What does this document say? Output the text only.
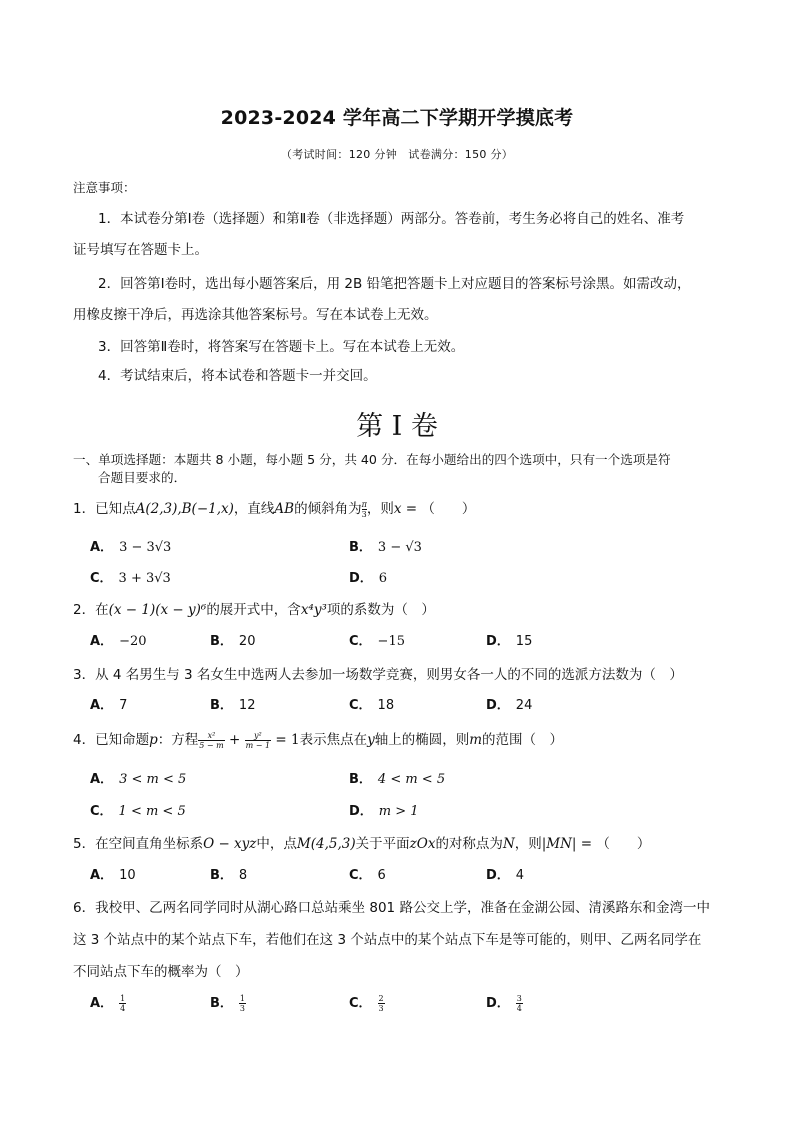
2023-2024 学年高二下学期开学摸底考
（考试时间：120 分钟　试卷满分：150 分）
注意事项：
1．本试卷分第Ⅰ卷（选择题）和第Ⅱ卷（非选择题）两部分。答卷前，考生务必将自己的姓名、准考
证号填写在答题卡上。
2．回答第Ⅰ卷时，选出每小题答案后，用 2B 铅笔把答题卡上对应题目的答案标号涂黑。如需改动，
用橡皮擦干净后，再选涂其他答案标号。写在本试卷上无效。
3．回答第Ⅱ卷时，将答案写在答题卡上。写在本试卷上无效。
4．考试结束后，将本试卷和答题卡一并交回。
第 I 卷
一、单项选择题：本题共 8 小题，每小题 5 分，共 40 分．在每小题给出的四个选项中，只有一个选项是符
合题目要求的．
1．已知点A(2,3),B(−1,x)，直线AB的倾斜角为 $\frac{\pi}{3}$ ，则x = （　　）
A． 3 − 3√3	B． 3 − √3
C． 3 + 3√3	D． 6
2．在(x − 1)(x − y)⁶的展开式中，含x⁴y³项的系数为（　）
A． −20	B． 20	C． −15	D． 15
3．从 4 名男生与 3 名女生中选两人去参加一场数学竞赛，则男女各一人的不同的选派方法数为（　）
A． 7	B． 12	C． 18	D． 24
4．已知命题p：方程 $\frac{\text{x²}}{5 - m} + \frac{\text{y²}}{m - 1} = 1$表示焦点在y轴上的椭圆，则m的范围（　）
A． 3 < m < 5	B． 4 < m < 5
C． 1 < m < 5	D． m > 1
5．在空间直角坐标系O − xyz中，点M(4,5,3)关于平面zOx的对称点为N，则|MN| = （　　）
A． 10	B． 8	C． 6	D． 4
6．我校甲、乙两名同学同时从湖心路口总站乘坐 801 路公交上学，准备在金湖公园、清溪路东和金湾一中
这 3 个站点中的某个站点下车，若他们在这 3 个站点中的某个站点下车是等可能的，则甲、乙两名同学在
不同站点下车的概率为（　）
A． $\frac{1}{4}$	B． $\frac{1}{3}$	C． $\frac{2}{3}$	D． $\frac{3}{4}$
